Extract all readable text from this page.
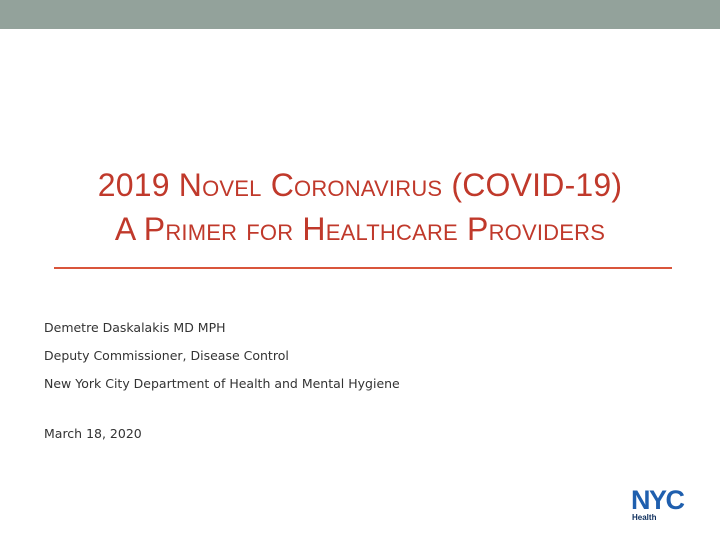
2019 Novel Coronavirus (COVID-19)
A Primer for Healthcare Providers
Demetre Daskalakis MD MPH
Deputy Commissioner, Disease Control
New York City Department of Health and Mental Hygiene
March 18, 2020
NYC
Health
